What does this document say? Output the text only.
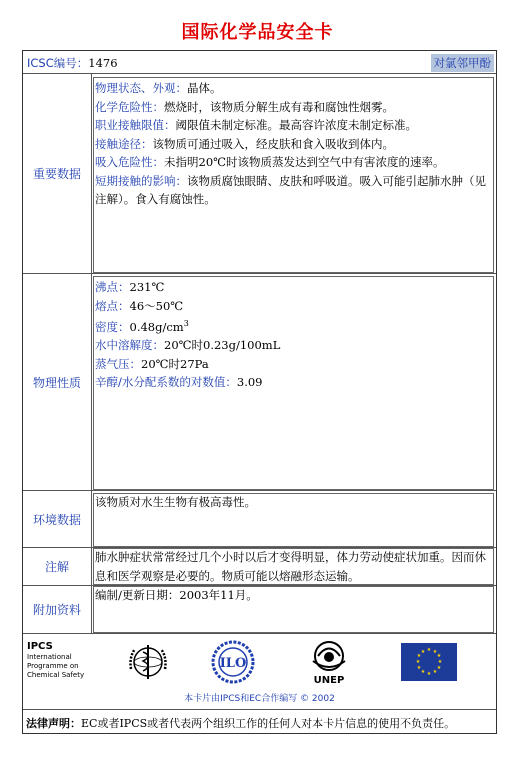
国际化学品安全卡
ICSC编号：1476	对氯邻甲酚
重要数据
物理状态、外观：晶体。
化学危险性：燃烧时，该物质分解生成有毒和腐蚀性烟雾。
职业接触限值：阈限值未制定标准。最高容许浓度未制定标准。
接触途径：该物质可通过吸入，经皮肤和食入吸收到体内。
吸入危险性：未指明20℃时该物质蒸发达到空气中有害浓度的速率。
短期接触的影响：该物质腐蚀眼睛、皮肤和呼吸道。吸入可能引起肺水肿（见注解）。食入有腐蚀性。
物理性质
沸点：231℃
熔点：46～50℃
密度：$0.48g/cm^3$
水中溶解度：20℃时0.23g/100mL
蒸气压：20℃时27Pa
辛醇/水分配系数的对数值：3.09
环境数据
该物质对水生生物有极高毒性。
注解
肺水肿症状常常经过几个小时以后才变得明显，体力劳动使症状加重。因而休息和医学观察是必要的。物质可能以熔融形态运输。
附加资料
编制/更新日期：2003年11月。
IPCS
International
Programme on
Chemical Safety
ILO
UNEP
★ ★
★
★
★
★
★
★
★
★
★
★
本卡片由IPCS和EC合作编写 © 2002
法律声明： EC或者IPCS或者代表两个组织工作的任何人对本卡片信息的使用不负责任。
